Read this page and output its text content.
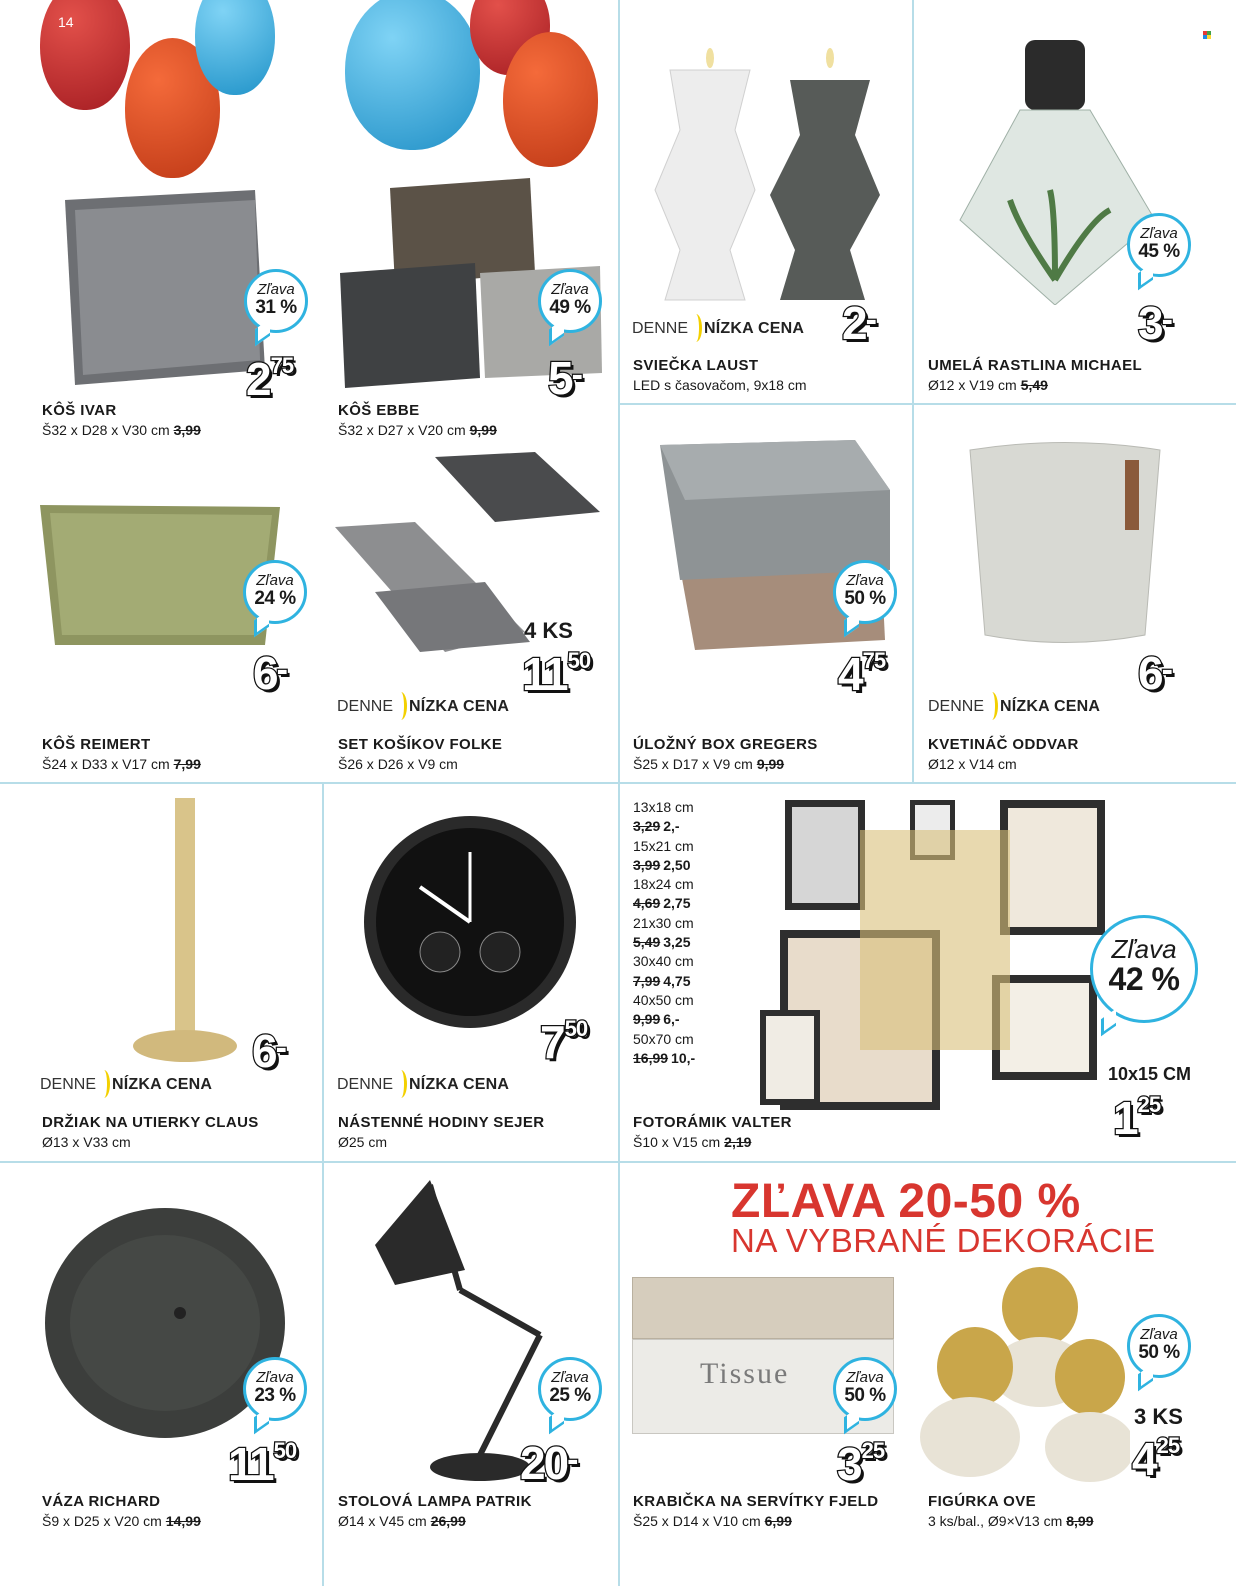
14
Zľava
31 %
275
KÔŠ IVAR
Š32 x D28 x V30 cm 3,99
Zľava
49 %
5-
KÔŠ EBBE
Š32 x D27 x V20 cm 9,99
DENNE NÍZKA CENA 2-
SVIEČKA LAUST
LED s časovačom, 9x18 cm
Zľava
45 %
3-
UMELÁ RASTLINA MICHAEL
Ø12 x V19 cm 5,49
Zľava
24 %
6-
KÔŠ REIMERT
Š24 x D33 x V17 cm 7,99
4 KS
1150
DENNE NÍZKA CENA
SET KOŠÍKOV FOLKE
Š26 x D26 x V9 cm
Zľava
50 %
475
ÚLOŽNÝ BOX GREGERS
Š25 x D17 x V9 cm 9,99
6-
DENNE NÍZKA CENA
KVETINÁČ ODDVAR
Ø12 x V14 cm
6-
DENNE NÍZKA CENA
DRŽIAK NA UTIERKY CLAUS
Ø13 x V33 cm
750
DENNE NÍZKA CENA
NÁSTENNÉ HODINY SEJER
Ø25 cm
13x18 cm
3,29 2,-
15x21 cm
3,99 2,50
18x24 cm
4,69 2,75
21x30 cm
5,49 3,25
30x40 cm
7,99 4,75
40x50 cm
9,99 6,-
50x70 cm
16,99 10,-
Zľava
42 %
10x15 CM
125
FOTORÁMIK VALTER
Š10 x V15 cm 2,19
Zľava
23 %
1150
VÁZA RICHARD
Š9 x D25 x V20 cm 14,99
Zľava
25 %
20-
STOLOVÁ LAMPA PATRIK
Ø14 x V45 cm 26,99
ZĽAVA 20-50 %
NA VYBRANÉ DEKORÁCIE
Tissue	Zľava
50 %
325
KRABIČKA NA SERVÍTKY FJELD
Š25 x D14 x V10 cm 6,99
Zľava
50 %
3 KS
425
FIGÚRKA OVE
3 ks/bal., Ø9×V13 cm 8,99
